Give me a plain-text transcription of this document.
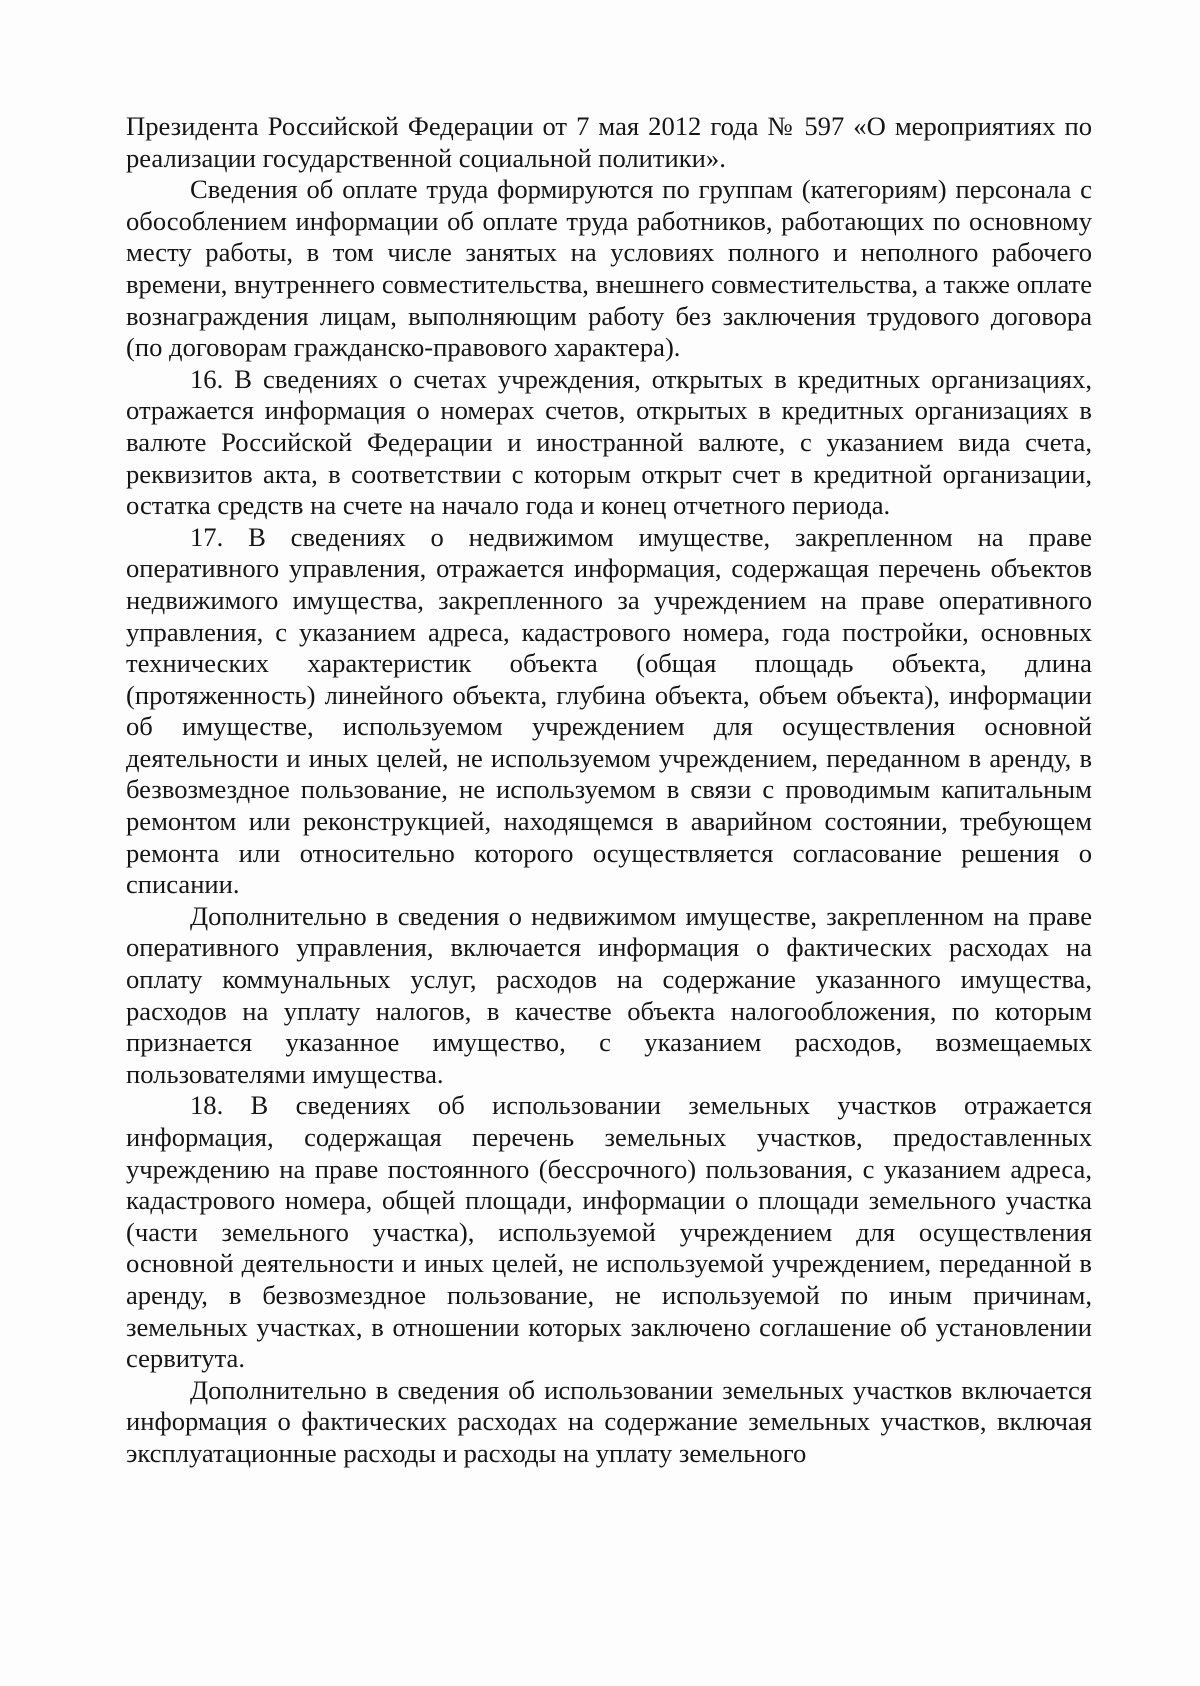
Президента Российской Федерации от 7 мая 2012 года № 597 «О мероприятиях по реализации государственной социальной политики».

Сведения об оплате труда формируются по группам (категориям) персонала с обособлением информации об оплате труда работников, работающих по основному месту работы, в том числе занятых на условиях полного и неполного рабочего времени, внутреннего совместительства, внешнего совместительства, а также оплате вознаграждения лицам, выполняющим работу без заключения трудового договора (по договорам гражданско-правового характера).

16. В сведениях о счетах учреждения, открытых в кредитных организациях, отражается информация о номерах счетов, открытых в кредитных организациях в валюте Российской Федерации и иностранной валюте, с указанием вида счета, реквизитов акта, в соответствии с которым открыт счет в кредитной организации, остатка средств на счете на начало года и конец отчетного периода.

17. В сведениях о недвижимом имуществе, закрепленном на праве оперативного управления, отражается информация, содержащая перечень объектов недвижимого имущества, закрепленного за учреждением на праве оперативного управления, с указанием адреса, кадастрового номера, года постройки, основных технических характеристик объекта (общая площадь объекта, длина (протяженность) линейного объекта, глубина объекта, объем объекта), информации об имуществе, используемом учреждением для осуществления основной деятельности и иных целей, не используемом учреждением, переданном в аренду, в безвозмездное пользование, не используемом в связи с проводимым капитальным ремонтом или реконструкцией, находящемся в аварийном состоянии, требующем ремонта или относительно которого осуществляется согласование решения о списании.

Дополнительно в сведения о недвижимом имуществе, закрепленном на праве оперативного управления, включается информация о фактических расходах на оплату коммунальных услуг, расходов на содержание указанного имущества, расходов на уплату налогов, в качестве объекта налогообложения, по которым признается указанное имущество, с указанием расходов, возмещаемых пользователями имущества.

18. В сведениях об использовании земельных участков отражается информация, содержащая перечень земельных участков, предоставленных учреждению на праве постоянного (бессрочного) пользования, с указанием адреса, кадастрового номера, общей площади, информации о площади земельного участка (части земельного участка), используемой учреждением для осуществления основной деятельности и иных целей, не используемой учреждением, переданной в аренду, в безвозмездное пользование, не используемой по иным причинам, земельных участках, в отношении которых заключено соглашение об установлении сервитута.

Дополнительно в сведения об использовании земельных участков включается информация о фактических расходах на содержание земельных участков, включая эксплуатационные расходы и расходы на уплату земельного
